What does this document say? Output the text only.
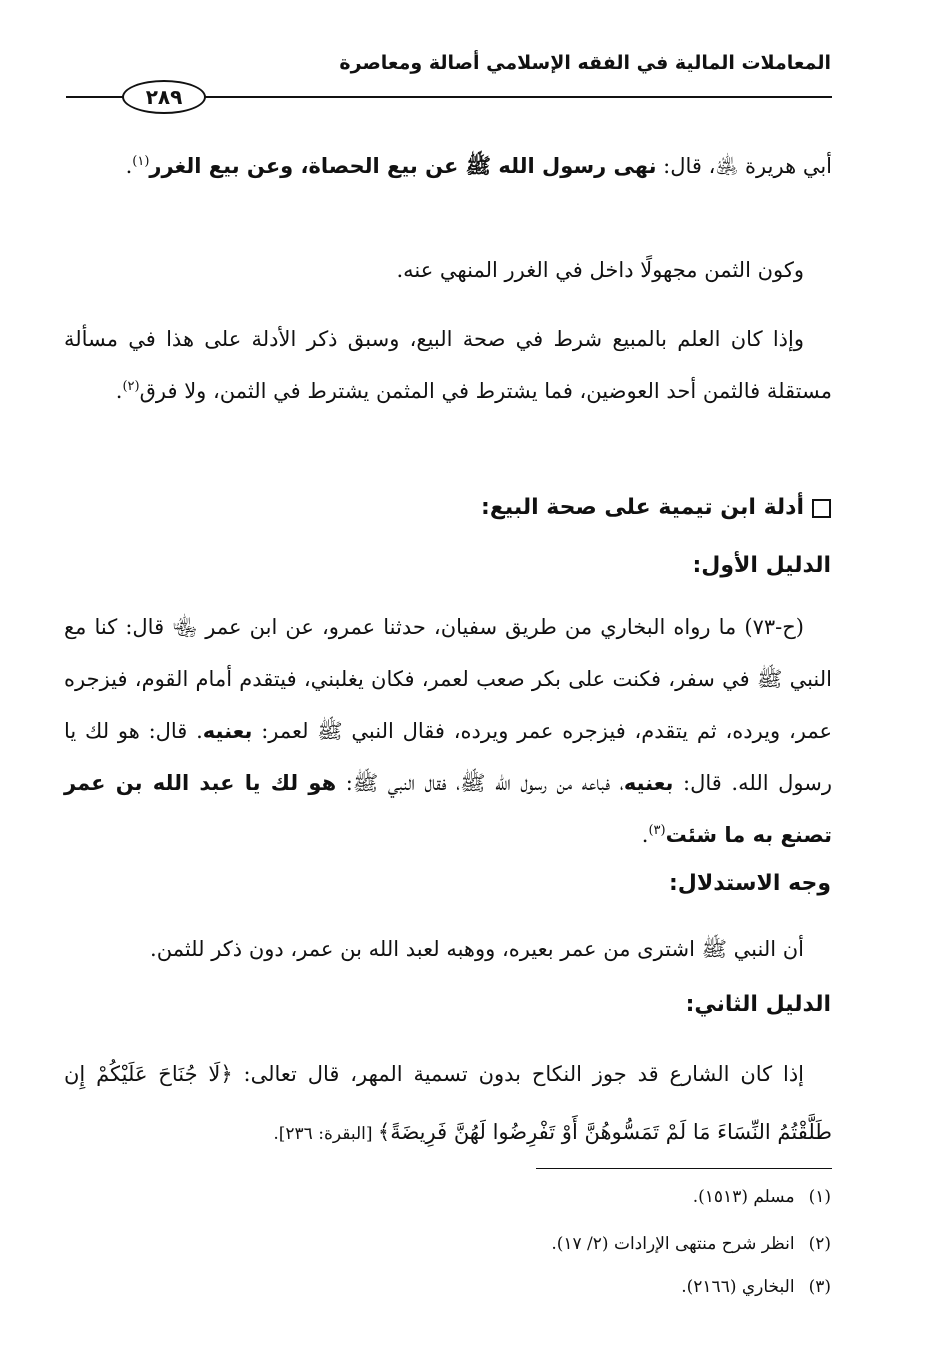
المعاملات المالية في الفقه الإسلامي أصالة ومعاصرة
٢٨٩
أبي هريرة ﵁، قال: نهى رسول الله ﷺ عن بيع الحصاة، وعن بيع الغرر$^{(١)}$.
وكون الثمن مجهولًا داخل في الغرر المنهي عنه.
وإذا كان العلم بالمبيع شرط في صحة البيع، وسبق ذكر الأدلة على هذا في مسألة مستقلة فالثمن أحد العوضين، فما يشترط في المثمن يشترط في الثمن، ولا فرق$^{(٢)}$.
أدلة ابن تيمية على صحة البيع:
الدليل الأول:
(ح-٧٣) ما رواه البخاري من طريق سفيان، حدثنا عمرو، عن ابن عمر ﵄ قال: كنا مع النبي ﷺ في سفر، فكنت على بكر صعب لعمر، فكان يغلبني، فيتقدم أمام القوم، فيزجره عمر، ويرده، ثم يتقدم، فيزجره عمر ويرده، فقال النبي ﷺ لعمر: بعنيه. قال: هو لك يا رسول الله. قال: بعنيه، فباعه من رسول الله ﷺ، فقال النبي ﷺ: هو لك يا عبد الله بن عمر تصنع به ما شئت$^{(٣)}$.
وجه الاستدلال:
أن النبي ﷺ اشترى من عمر بعيره، ووهبه لعبد الله بن عمر، دون ذكر للثمن.
الدليل الثاني:
إذا كان الشارع قد جوز النكاح بدون تسمية المهر، قال تعالى: ﴿لَا جُنَاحَ عَلَيْكُمْ إِن طَلَّقْتُمُ النِّسَاءَ مَا لَمْ تَمَسُّوهُنَّ أَوْ تَفْرِضُوا لَهُنَّ فَرِيضَةً﴾ [البقرة: ٢٣٦].
(١)مسلم (١٥١٣).
(٢)انظر شرح منتهى الإرادات (٢/ ١٧).
(٣)البخاري (٢١٦٦).
